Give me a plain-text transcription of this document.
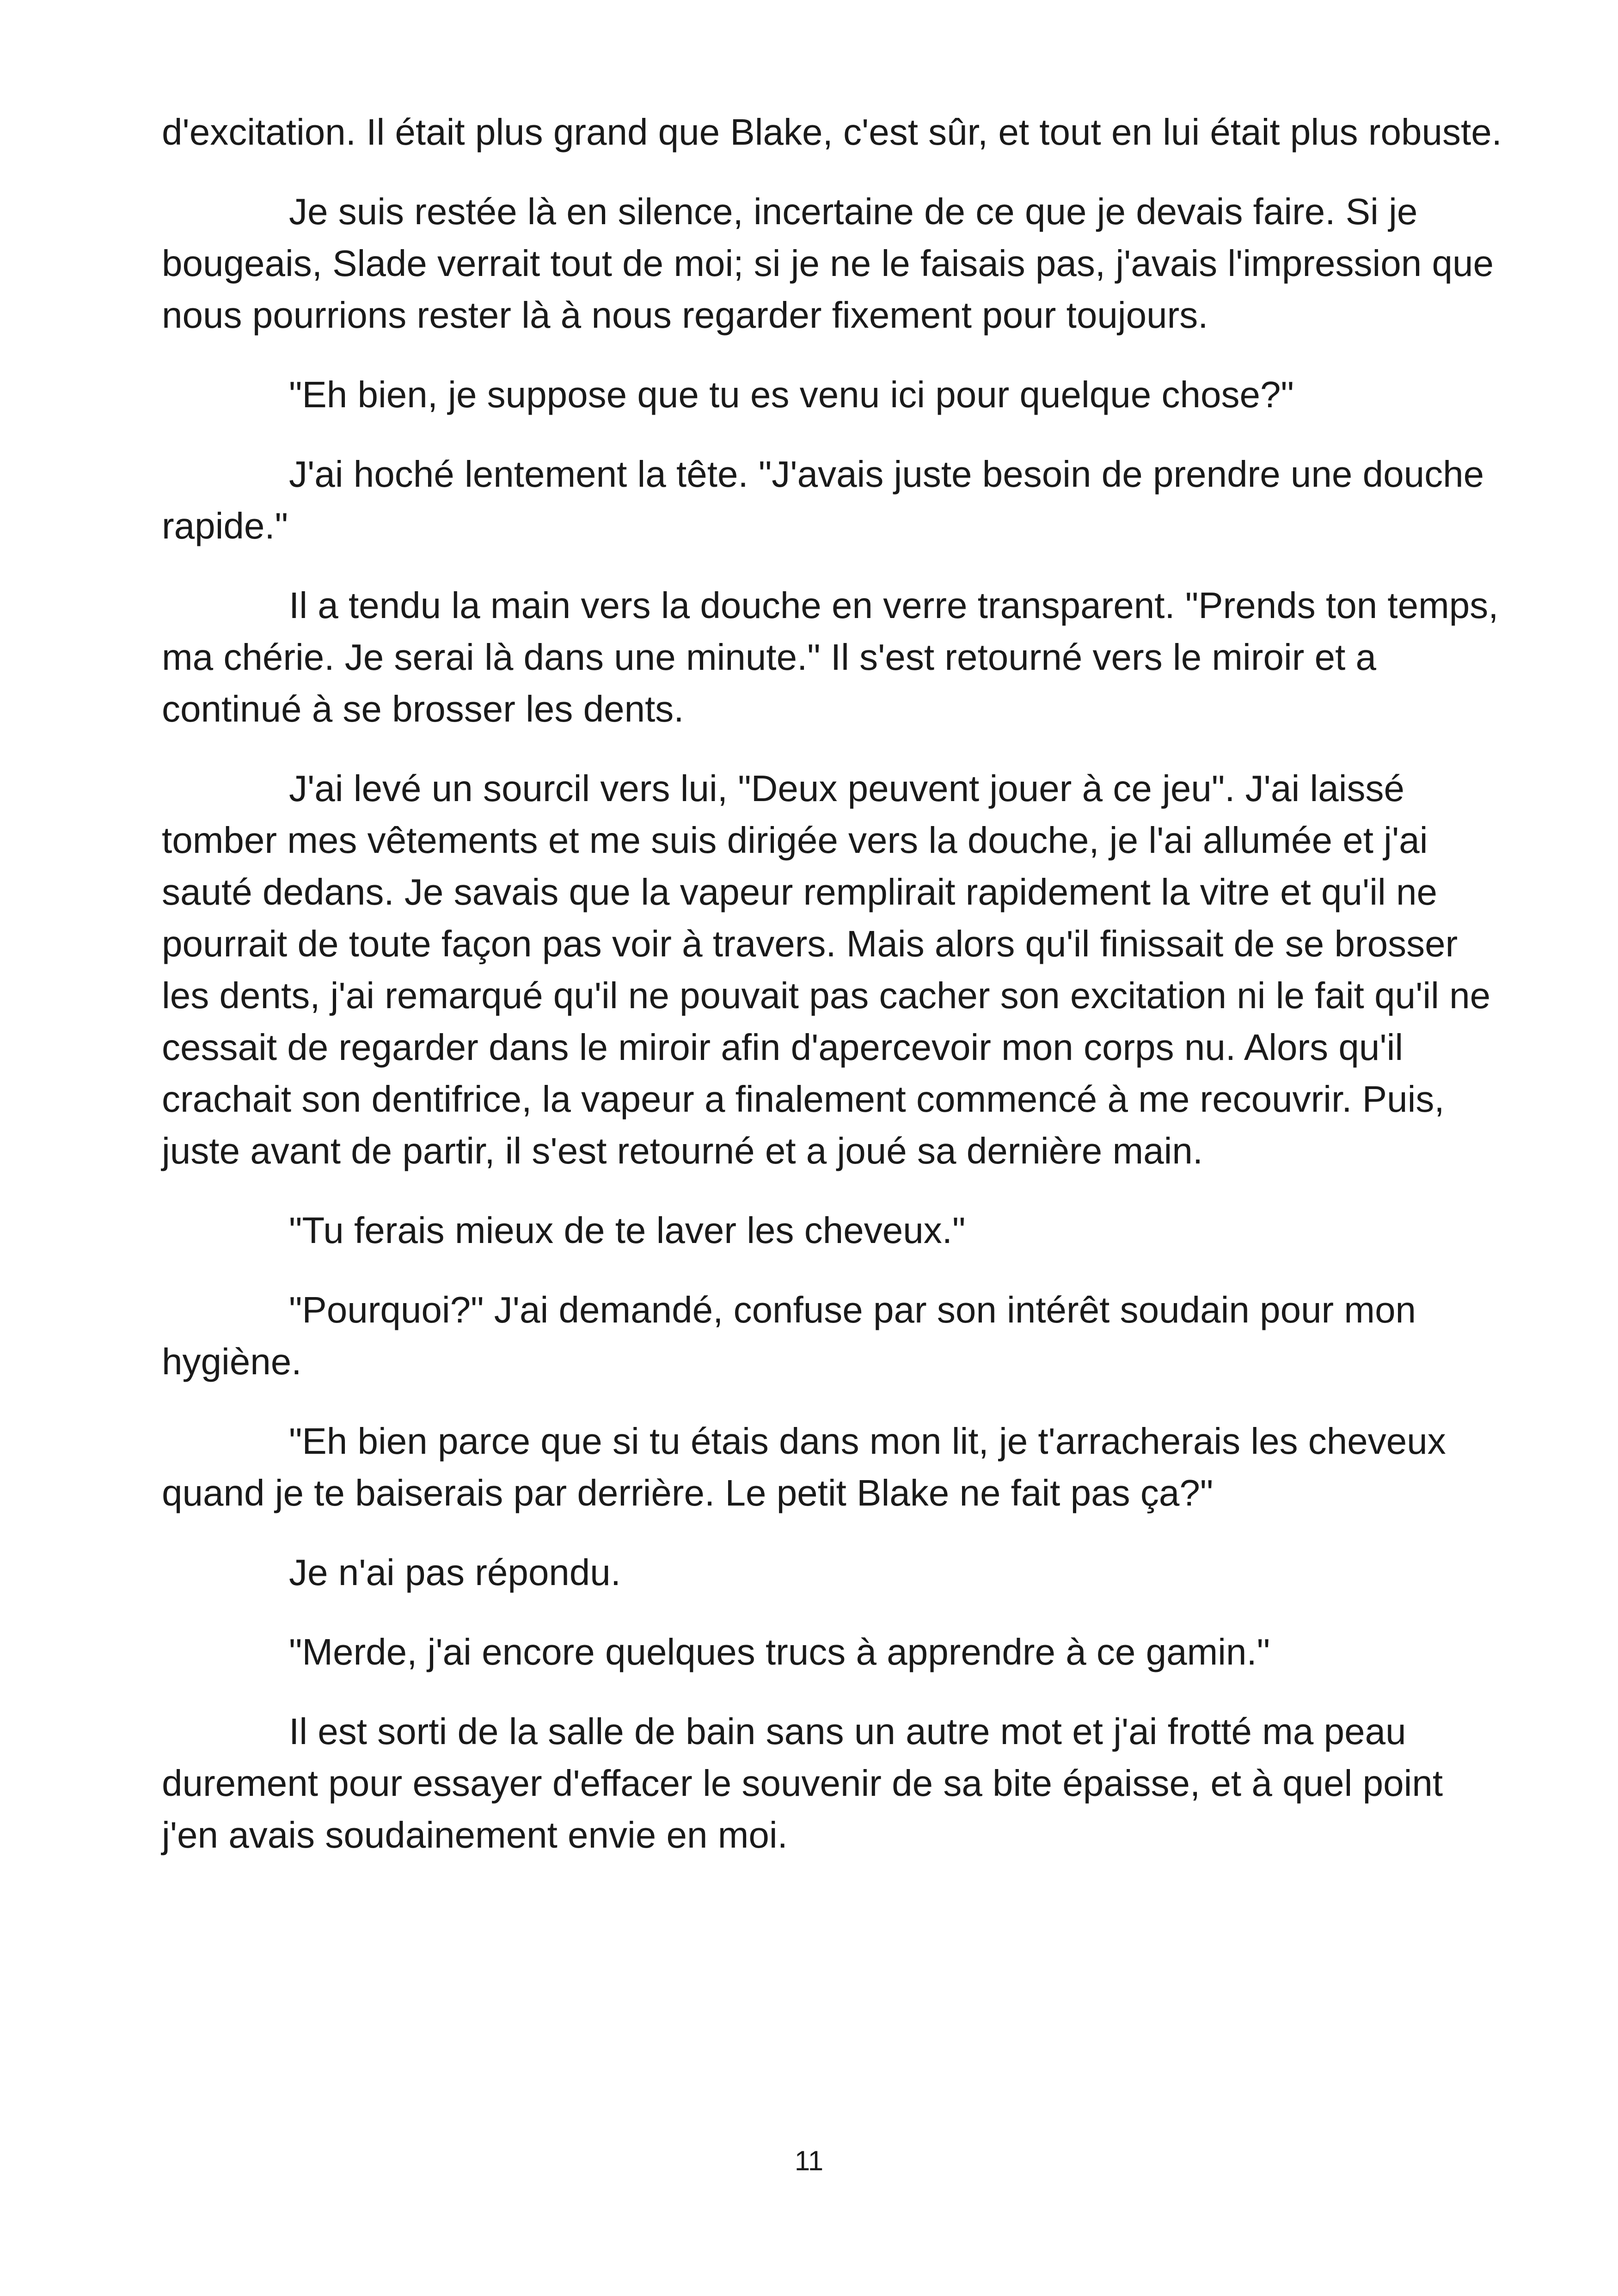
d'excitation. Il était plus grand que Blake, c'est sûr, et tout en lui était plus robuste.

Je suis restée là en silence, incertaine de ce que je devais faire. Si je bougeais, Slade verrait tout de moi; si je ne le faisais pas, j'avais l'impression que nous pourrions rester là à nous regarder fixement pour toujours.

"Eh bien, je suppose que tu es venu ici pour quelque chose?"

J'ai hoché lentement la tête. "J'avais juste besoin de prendre une douche rapide."

Il a tendu la main vers la douche en verre transparent. "Prends ton temps, ma chérie. Je serai là dans une minute." Il s'est retourné vers le miroir et a continué à se brosser les dents.

J'ai levé un sourcil vers lui, "Deux peuvent jouer à ce jeu". J'ai laissé tomber mes vêtements et me suis dirigée vers la douche, je l'ai allumée et j'ai sauté dedans. Je savais que la vapeur remplirait rapidement la vitre et qu'il ne pourrait de toute façon pas voir à travers. Mais alors qu'il finissait de se brosser les dents, j'ai remarqué qu'il ne pouvait pas cacher son excitation ni le fait qu'il ne cessait de regarder dans le miroir afin d'apercevoir mon corps nu. Alors qu'il crachait son dentifrice, la vapeur a finalement commencé à me recouvrir. Puis, juste avant de partir, il s'est retourné et a joué sa dernière main.

"Tu ferais mieux de te laver les cheveux."

"Pourquoi?" J'ai demandé, confuse par son intérêt soudain pour mon hygiène.

"Eh bien parce que si tu étais dans mon lit, je t'arracherais les cheveux quand je te baiserais par derrière. Le petit Blake ne fait pas ça?"

Je n'ai pas répondu.

"Merde, j'ai encore quelques trucs à apprendre à ce gamin."

Il est sorti de la salle de bain sans un autre mot et j'ai frotté ma peau durement pour essayer d'effacer le souvenir de sa bite épaisse, et à quel point j'en avais soudainement envie en moi.

11
